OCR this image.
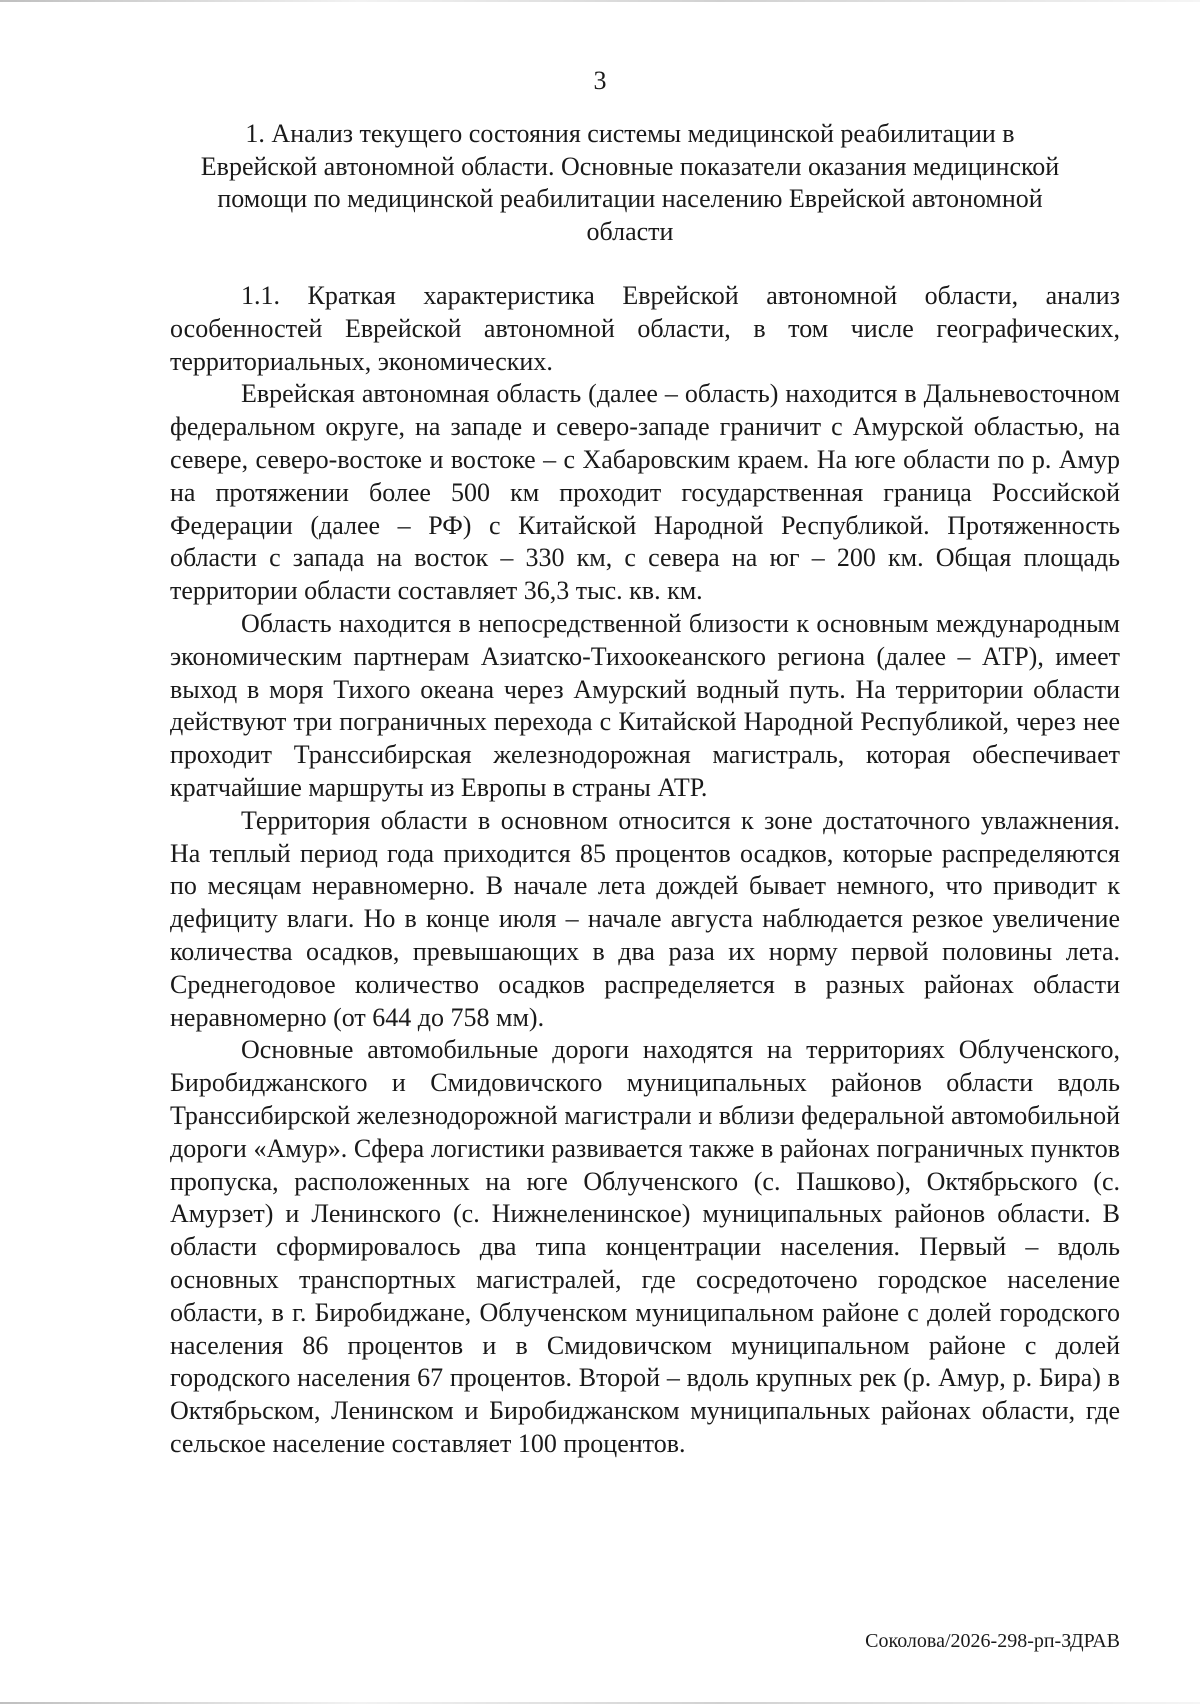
3
1. Анализ текущего состояния системы медицинской реабилитации в
Еврейской автономной области. Основные показатели оказания медицинской
помощи по медицинской реабилитации населению Еврейской автономной
области

1.1. Краткая характеристика Еврейской автономной области, анализ особенностей Еврейской автономной области, в том числе географических, территориальных, экономических.

Еврейская автономная область (далее – область) находится в Дальневосточном федеральном округе, на западе и северо-западе граничит с Амурской областью, на севере, северо-востоке и востоке – с Хабаровским краем. На юге области по р. Амур на протяжении более 500 км проходит государственная граница Российской Федерации (далее – РФ) с Китайской Народной Республикой. Протяженность области с запада на восток – 330 км, с севера на юг – 200 км. Общая площадь территории области составляет 36,3 тыс. кв. км.

Область находится в непосредственной близости к основным международным экономическим партнерам Азиатско-Тихоокеанского региона (далее – АТР), имеет выход в моря Тихого океана через Амурский водный путь. На территории области действуют три пограничных перехода с Китайской Народной Республикой, через нее проходит Транссибирская железнодорожная магистраль, которая обеспечивает кратчайшие маршруты из Европы в страны АТР.

Территория области в основном относится к зоне достаточного увлажнения. На теплый период года приходится 85 процентов осадков, которые распределяются по месяцам неравномерно. В начале лета дождей бывает немного, что приводит к дефициту влаги. Но в конце июля – начале августа наблюдается резкое увеличение количества осадков, превышающих в два раза их норму первой половины лета. Среднегодовое количество осадков распределяется в разных районах области неравномерно (от 644 до 758 мм).

Основные автомобильные дороги находятся на территориях Облученского, Биробиджанского и Смидовичского муниципальных районов области вдоль Транссибирской железнодорожной магистрали и вблизи федеральной автомобильной дороги «Амур». Сфера логистики развивается также в районах пограничных пунктов пропуска, расположенных на юге Облученского (с. Пашково), Октябрьского (с. Амурзет) и Ленинского (с. Нижнеленинское) муниципальных районов области. В области сформировалось два типа концентрации населения. Первый – вдоль основных транспортных магистралей, где сосредоточено городское население области, в г. Биробиджане, Облученском муниципальном районе с долей городского населения 86 процентов и в Смидовичском муниципальном районе с долей городского населения 67 процентов. Второй – вдоль крупных рек (р. Амур, р. Бира) в Октябрьском, Ленинском и Биробиджанском муниципальных районах области, где сельское население составляет 100 процентов.

Соколова/2026-298-рп-ЗДРАВ
